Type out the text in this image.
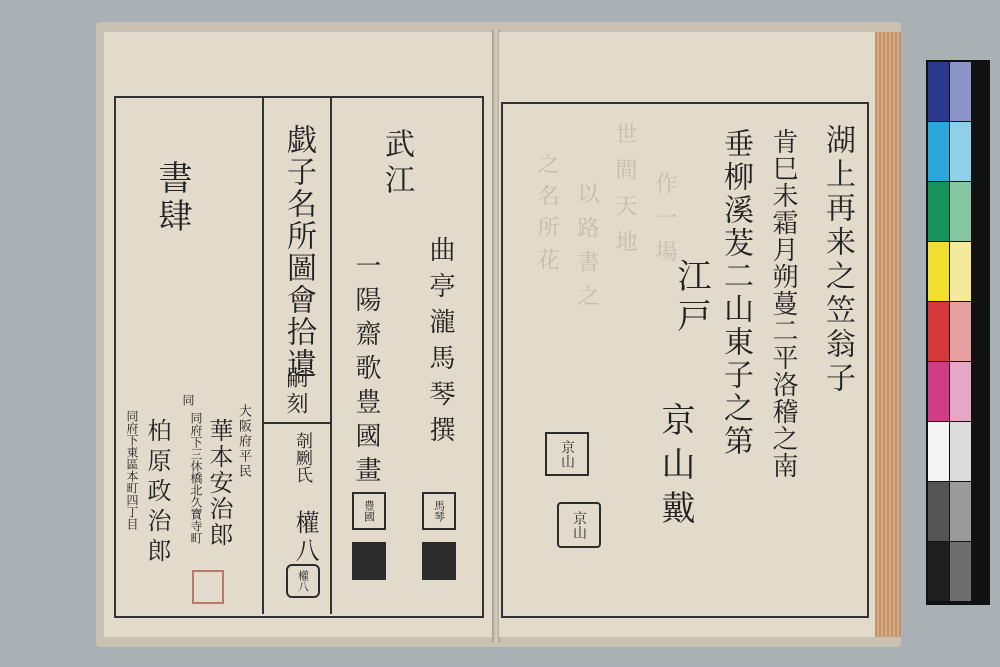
書肆	戯子名所圖會拾遺
嗣刻
剞劂氏
權八
權八
武江
曲亭瀧馬琴撰
一陽齋歌豊國畫
豊國	馬琴
大阪府平民
同府下三休橋北久寶寺町 華本安治郎
同
同府下東區本町四丁目 柏原政治郎
之名所花 以路書之 世間天地 作一場	湖上再来之笠翁子
肯巳未霜月朔蔓二平洛稽之南
垂柳溪茇二山東子之第
江戸
京山戴
京山
京山
